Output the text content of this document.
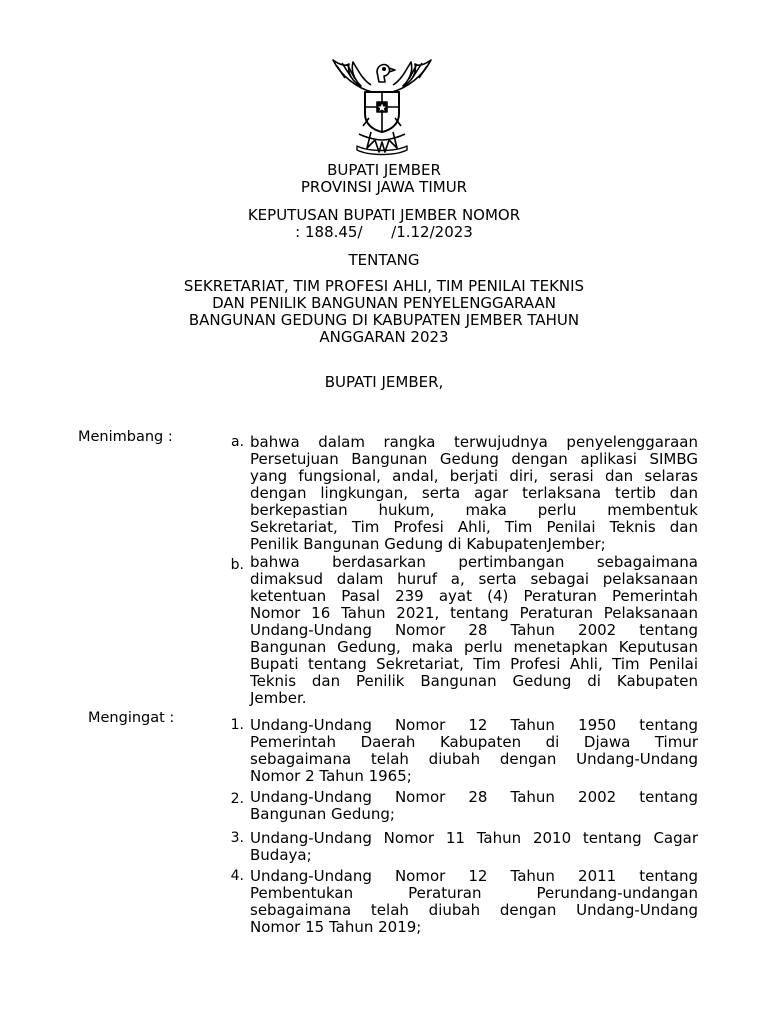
BUPATI JEMBER
PROVINSI JAWA TIMUR
KEPUTUSAN BUPATI JEMBER NOMOR
: 188.45/      /1.12/2023
TENTANG
SEKRETARIAT, TIM PROFESI AHLI, TIM PENILAI TEKNIS
DAN PENILIK BANGUNAN PENYELENGGARAAN
BANGUNAN GEDUNG DI KABUPATEN JEMBER TAHUN
ANGGARAN 2023
BUPATI JEMBER,
Menimbang :	a. bahwa dalam rangka terwujudnya penyelenggaraan
Persetujuan Bangunan Gedung dengan aplikasi SIMBG
yang fungsional, andal, berjati diri, serasi dan selaras
dengan lingkungan, serta agar terlaksana tertib dan
berkepastian hukum, maka perlu membentuk
Sekretariat, Tim Profesi Ahli, Tim Penilai Teknis dan
Penilik Bangunan Gedung di KabupatenJember;
b. bahwa berdasarkan pertimbangan sebagaimana
dimaksud dalam huruf a, serta sebagai pelaksanaan
ketentuan Pasal 239 ayat (4) Peraturan Pemerintah
Nomor 16 Tahun 2021, tentang Peraturan Pelaksanaan
Undang-Undang Nomor 28 Tahun 2002 tentang
Bangunan Gedung, maka perlu menetapkan Keputusan
Bupati tentang Sekretariat, Tim Profesi Ahli, Tim Penilai
Teknis dan Penilik Bangunan Gedung di Kabupaten
Jember.
Mengingat :	1. Undang-Undang Nomor 12 Tahun 1950 tentang
Pemerintah Daerah Kabupaten di Djawa Timur
sebagaimana telah diubah dengan Undang-Undang
Nomor 2 Tahun 1965;
2. Undang-Undang Nomor 28 Tahun 2002 tentang
Bangunan Gedung;
3. Undang-Undang Nomor 11 Tahun 2010 tentang Cagar
Budaya;
4. Undang-Undang Nomor 12 Tahun 2011 tentang
Pembentukan Peraturan Perundang-undangan
sebagaimana telah diubah dengan Undang-Undang
Nomor 15 Tahun 2019;
